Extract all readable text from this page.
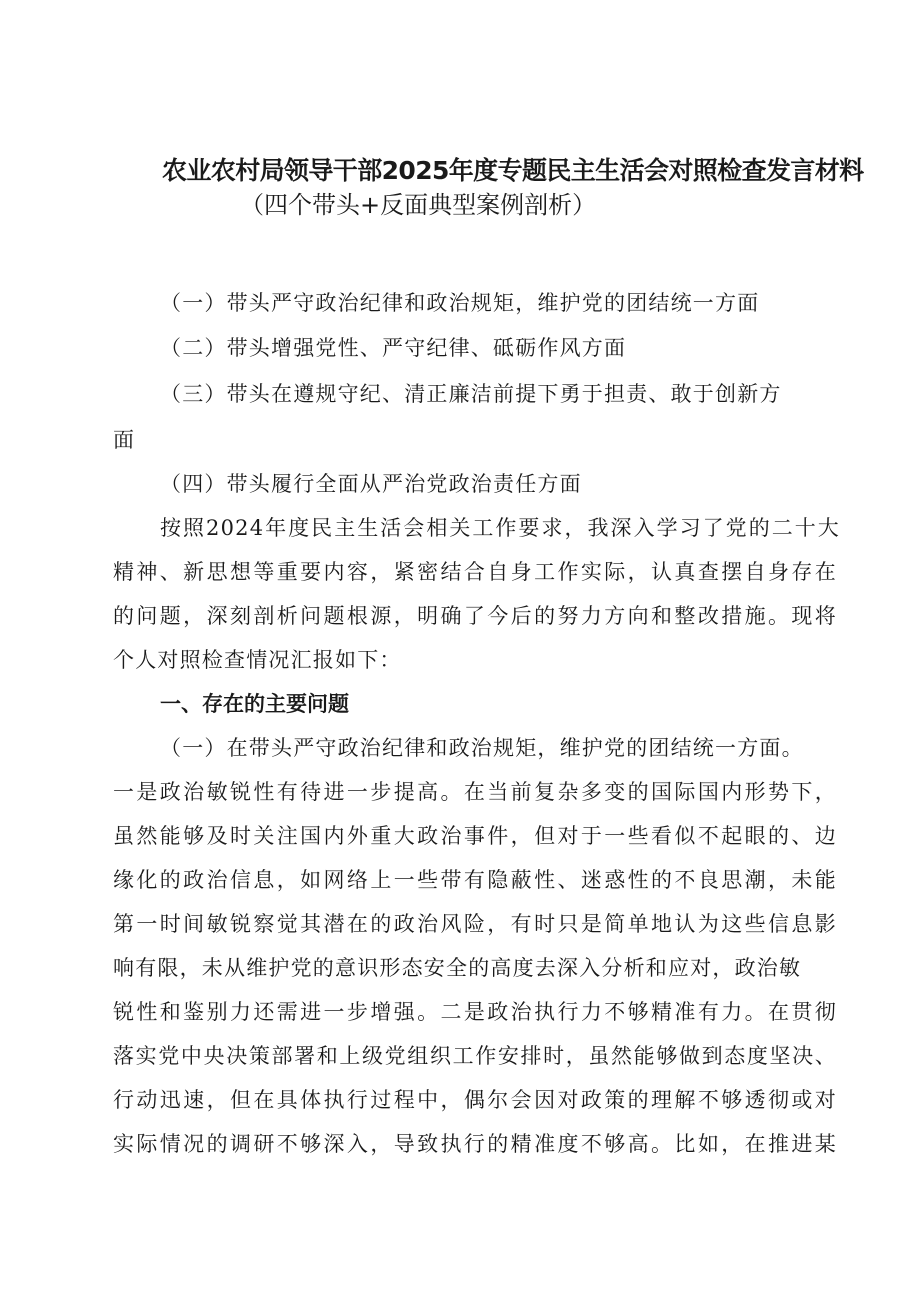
农业农村局领导干部2025年度专题民主生活会对照检查发言材料
（四个带头+反面典型案例剖析）
（一）带头严守政治纪律和政治规矩，维护党的团结统一方面
（二）带头增强党性、严守纪律、砥砺作风方面
（三）带头在遵规守纪、清正廉洁前提下勇于担责、敢于创新方
面
（四）带头履行全面从严治党政治责任方面
按照2024年度民主生活会相关工作要求，我深入学习了党的二十大
精神、新思想等重要内容，紧密结合自身工作实际，认真查摆自身存在
的问题，深刻剖析问题根源，明确了今后的努力方向和整改措施。现将
个人对照检查情况汇报如下：
一、存在的主要问题
（一）在带头严守政治纪律和政治规矩，维护党的团结统一方面。
一是政治敏锐性有待进一步提高。在当前复杂多变的国际国内形势下，
虽然能够及时关注国内外重大政治事件，但对于一些看似不起眼的、边
缘化的政治信息，如网络上一些带有隐蔽性、迷惑性的不良思潮，未能
第一时间敏锐察觉其潜在的政治风险，有时只是简单地认为这些信息影
响有限，未从维护党的意识形态安全的高度去深入分析和应对，政治敏
锐性和鉴别力还需进一步增强。二是政治执行力不够精准有力。在贯彻
落实党中央决策部署和上级党组织工作安排时，虽然能够做到态度坚决、
行动迅速，但在具体执行过程中，偶尔会因对政策的理解不够透彻或对
实际情况的调研不够深入，导致执行的精准度不够高。比如，在推进某
